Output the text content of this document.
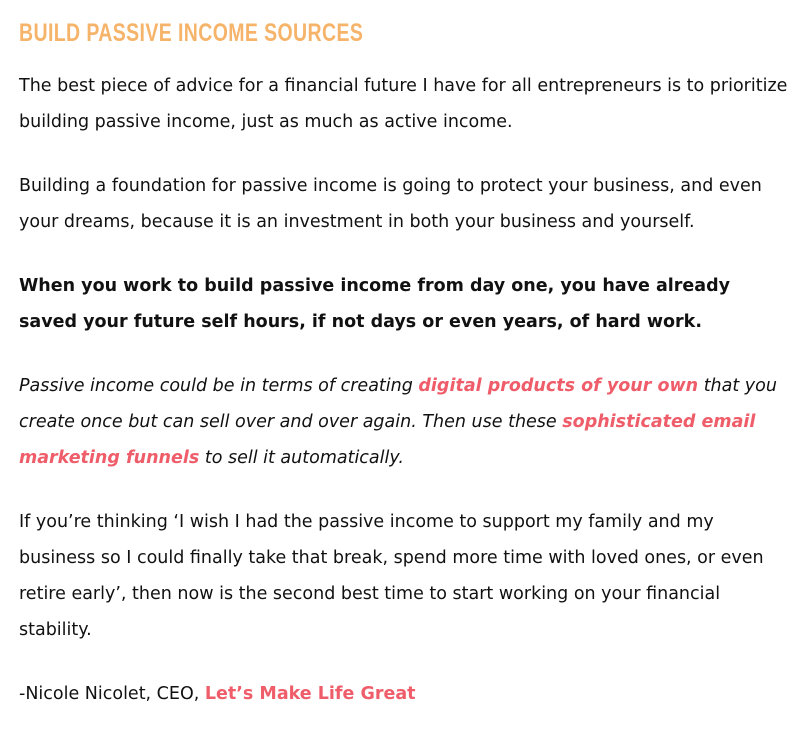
BUILD PASSIVE INCOME SOURCES

The best piece of advice for a financial future I have for all entrepreneurs is to prioritize building passive income, just as much as active income.

Building a foundation for passive income is going to protect your business, and even your dreams, because it is an investment in both your business and yourself.

When you work to build passive income from day one, you have already saved your future self hours, if not days or even years, of hard work.

Passive income could be in terms of creating digital products of your own that you create once but can sell over and over again. Then use these sophisticated email marketing funnels to sell it automatically.

If you’re thinking ‘I wish I had the passive income to support my family and my business so I could finally take that break, spend more time with loved ones, or even retire early’, then now is the second best time to start working on your financial stability.

-Nicole Nicolet, CEO, Let’s Make Life Great
